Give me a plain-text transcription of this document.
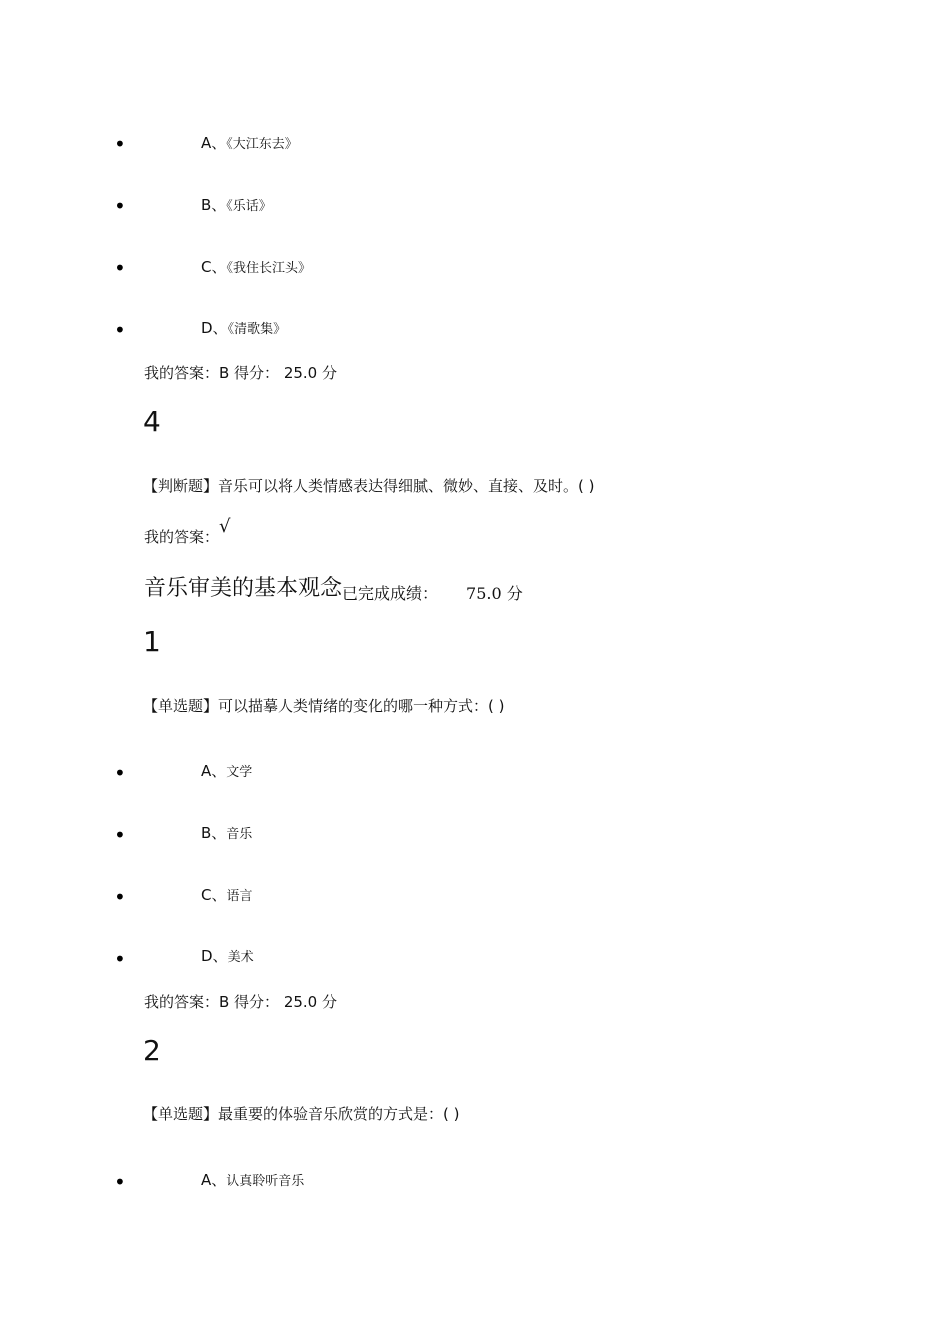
•	A、《大江东去》
•	B、《乐话》
•	C、《我住长江头》
•	D、《清歌集》
我的答案：B 得分： 25.0 分
4
【判断题】音乐可以将人类情感表达得细腻、微妙、直接、及时。( )
我的答案：√
音乐审美的基本观念已完成成绩： 75.0 分
1
【单选题】可以描摹人类情绪的变化的哪一种方式：( )
•	A、文学
•	B、音乐
•	C、语言
•	D、美术
我的答案：B 得分： 25.0 分
2
【单选题】最重要的体验音乐欣赏的方式是：( )
•	A、认真聆听音乐
